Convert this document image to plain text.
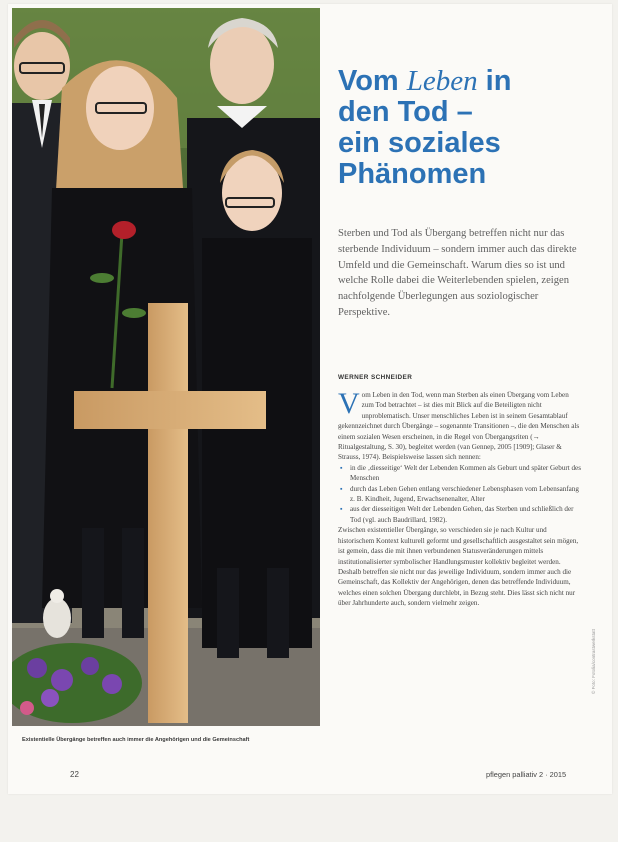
Existentielle Übergänge betreffen auch immer die Angehörigen und die Gemeinschaft
Vom Leben in
den Tod –
ein soziales
Phänomen
Sterben und Tod als Übergang betreffen nicht nur das sterbende Individuum – sondern immer auch das direkte Umfeld und die Gemeinschaft. Warum dies so ist und welche Rolle dabei die Weiterlebenden spielen, zeigen nachfolgende Überlegungen aus soziologischer Perspektive.
WERNER SCHNEIDER

Vom Leben in den Tod, wenn man Sterben als einen Übergang vom Leben zum Tod betrachtet – ist dies mit Blick auf die Beteiligten nicht unproblematisch. Unser menschliches Leben ist in seinem Gesamtablauf gekennzeichnet durch Übergänge – sogenannte Transitionen –, die den Menschen als einem sozialen Wesen erscheinen, in die Regel von Übergangsriten (→ Ritualgestaltung, S. 30), begleitet werden (van Gennep, 2005 [1909]; Glaser & Strauss, 1974). Beispielsweise lassen sich nennen:

▪ in die ‚diesseitige‘ Welt der Lebenden Kommen als Geburt und später Geburt des Menschen
▪ durch das Leben Gehen entlang verschiedener Lebensphasen vom Lebensanfang z. B. Kindheit, Jugend, Erwachsenenalter, Alter
▪ aus der diesseitigen Welt der Lebenden Gehen, das Sterben und schließlich der Tod (vgl. auch Baudrillard, 1982).

Zwischen existentieller Übergänge, so verschieden sie je nach Kultur und historischem Kontext kulturell geformt und gesellschaftlich ausgestaltet sein mögen, ist gemein, dass die mit ihnen verbundenen Statusveränderungen mittels institutionalisierter symbolischer Handlungsmuster kollektiv begleitet werden. Deshalb betreffen sie nicht nur das jeweilige Individuum, sondern immer auch die Gemeinschaft, das Kollektiv der Angehörigen, denen das betreffende Individuum, welches einen solchen Übergang durchlebt, in Bezug steht. Dies lässt sich nicht nur über Jahrhunderte auch, sondern vielmehr zeigen.

© Foto: Fotolia/contrastwerkstatt
22	pflegen palliativ 2 · 2015
